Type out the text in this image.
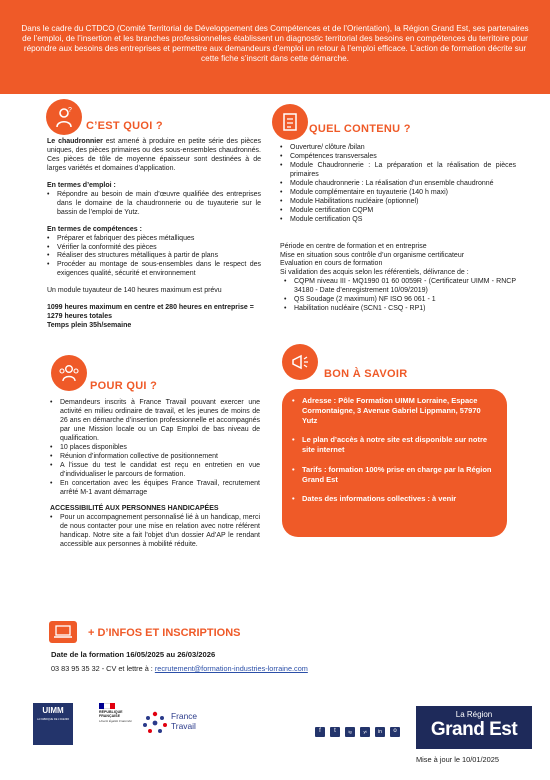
Dans le cadre du CTDCO (Comité Territorial de Développement des Compétences et de l’Orientation), la Région Grand Est, ses partenaires de l’emploi, de l’insertion et les branches professionnelles établissent un diagnostic territorial des besoins en compétences du territoire pour répondre aux besoins des entreprises et permettre aux demandeurs d’emploi un retour à l’emploi efficace. L’action de formation décrite sur cette fiche s’inscrit dans cette démarche.

?
C’EST QUOI ?

Le chaudronnier est amené à produire en petite série des pièces uniques, des pièces primaires ou des sous-ensembles chaudronnés. Ces pièces de tôle de moyenne épaisseur sont destinées à de larges variétés et domaines d’application.

En termes d’emploi :

• Répondre au besoin de main d’œuvre qualifiée des entreprises dans le domaine de la chaudronnerie ou de tuyauterie sur le bassin de l’emploi de Yutz.

En termes de compétences :

• Préparer et fabriquer des pièces métalliques
• Vérifier la conformité des pièces
• Réaliser des structures métalliques à partir de plans
• Procéder au montage de sous-ensembles dans le respect des exigences qualité, sécurité et environnement

Un module tuyauteur de 140 heures maximum est prévu

1099 heures maximum en centre et 280 heures en entreprise = 1279 heures totales

Temps plein 35h/semaine

QUEL CONTENU ?
• Ouverture/ clôture /bilan
• Compétences transversales
• Module Chaudronnerie : La préparation et la réalisation de pièces primaires
• Module chaudronnerie : La réalisation d’un ensemble chaudronné
• Module complémentaire en tuyauterie (140 h maxi)
• Module Habilitations nucléaire (optionnel)
• Module certification CQPM
• Module certification QS

Période en centre de formation et en entreprise

Mise en situation sous contrôle d’un organisme certificateur

Evaluation en cours de formation

Si validation des acquis selon les référentiels, délivrance de :

• CQPM niveau III - MQ1990 01 60 0059R - (Certificateur UIMM - RNCP 34180 - Date d’enregistrement 10/09/2019)
• QS Soudage (2 maximum) NF ISO 96 061 - 1
• Habilitation nucléaire (SCN1 - CSQ - RP1)
POUR QUI ?
• Demandeurs inscrits à France Travail pouvant exercer une activité en milieu ordinaire de travail, et les jeunes de moins de 26 ans en démarche d’insertion professionnelle et accompagnés par une Mission locale ou un Cap Emploi de bas niveau de qualification.
• 10 places disponibles
• Réunion d’information collective de positionnement
• A l’issue du test le candidat est reçu en entretien en vue d’individualiser le parcours de formation.
• En concertation avec les équipes France Travail, recrutement arrêté M-1 avant démarrage

ACCESSIBILITÉ AUX PERSONNES HANDICAPÉES

• Pour un accompagnement personnalisé lié à un handicap, merci de nous contacter pour une mise en relation avec notre référent handicap. Notre site a fait l’objet d’un dossier Ad’AP le rendant accessible aux personnes à mobilité réduite.
BON À SAVOIR
• Adresse : Pôle Formation UIMM Lorraine, Espace Cormontaigne, 3 Avenue Gabriel Lippmann, 57970 Yutz
• Le plan d’accès à notre site est disponible sur notre site internet
• Tarifs : formation 100% prise en charge par la Région Grand Est
• Dates des informations collectives : à venir
+ D’INFOS ET INSCRIPTIONS
Date de la formation 16/05/2025 au 26/03/2026
03 83 95 35 32 - CV et lettre à : recrutement@formation-industries-lorraine.com
UIMM
LA FABRIQUE DE L’AVENIR
RÉPUBLIQUE FRANÇAISE
Liberté Égalité Fraternité	France
Travail
f	t	ig	yt	in	o
La Région
Grand Est
Mise à jour le 10/01/2025
